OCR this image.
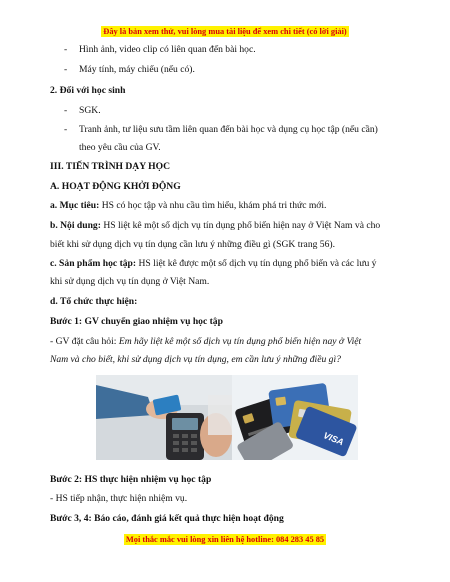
Đây là bản xem thử, vui lòng mua tài liệu để xem chi tiết (có lời giải)
- Hình ảnh, video clip có liên quan đến bài học.
- Máy tính, máy chiếu (nếu có).
2. Đối với học sinh
- SGK.
- Tranh ảnh, tư liệu sưu tầm liên quan đến bài học và dụng cụ học tập (nếu cần)
theo yêu cầu của GV.
III. TIẾN TRÌNH DẠY HỌC
A. HOẠT ĐỘNG KHỞI ĐỘNG
a. Mục tiêu: HS có học tập và nhu cầu tìm hiểu, khám phá tri thức mới.
b. Nội dung: HS liệt kê một số dịch vụ tín dụng phổ biến hiện nay ở Việt Nam và cho
biết khi sử dụng dịch vụ tín dụng cần lưu ý những điều gì (SGK trang 56).
c. Sản phẩm học tập: HS liệt kê được một số dịch vụ tín dụng phổ biến và các lưu ý
khi sử dụng dịch vụ tín dụng ở Việt Nam.
d. Tổ chức thực hiện:
Bước 1: GV chuyển giao nhiệm vụ học tập
- GV đặt câu hỏi: Em hãy liệt kê một số dịch vụ tín dụng phổ biến hiện nay ở Việt
Nam và cho biết, khi sử dụng dịch vụ tín dụng, em cần lưu ý những điều gì?
VISA
Bước 2: HS thực hiện nhiệm vụ học tập
- HS tiếp nhận, thực hiện nhiệm vụ.
Bước 3, 4: Báo cáo, đánh giá kết quả thực hiện hoạt động
Mọi thắc mắc vui lòng xin liên hệ hotline: 084 283 45 85
